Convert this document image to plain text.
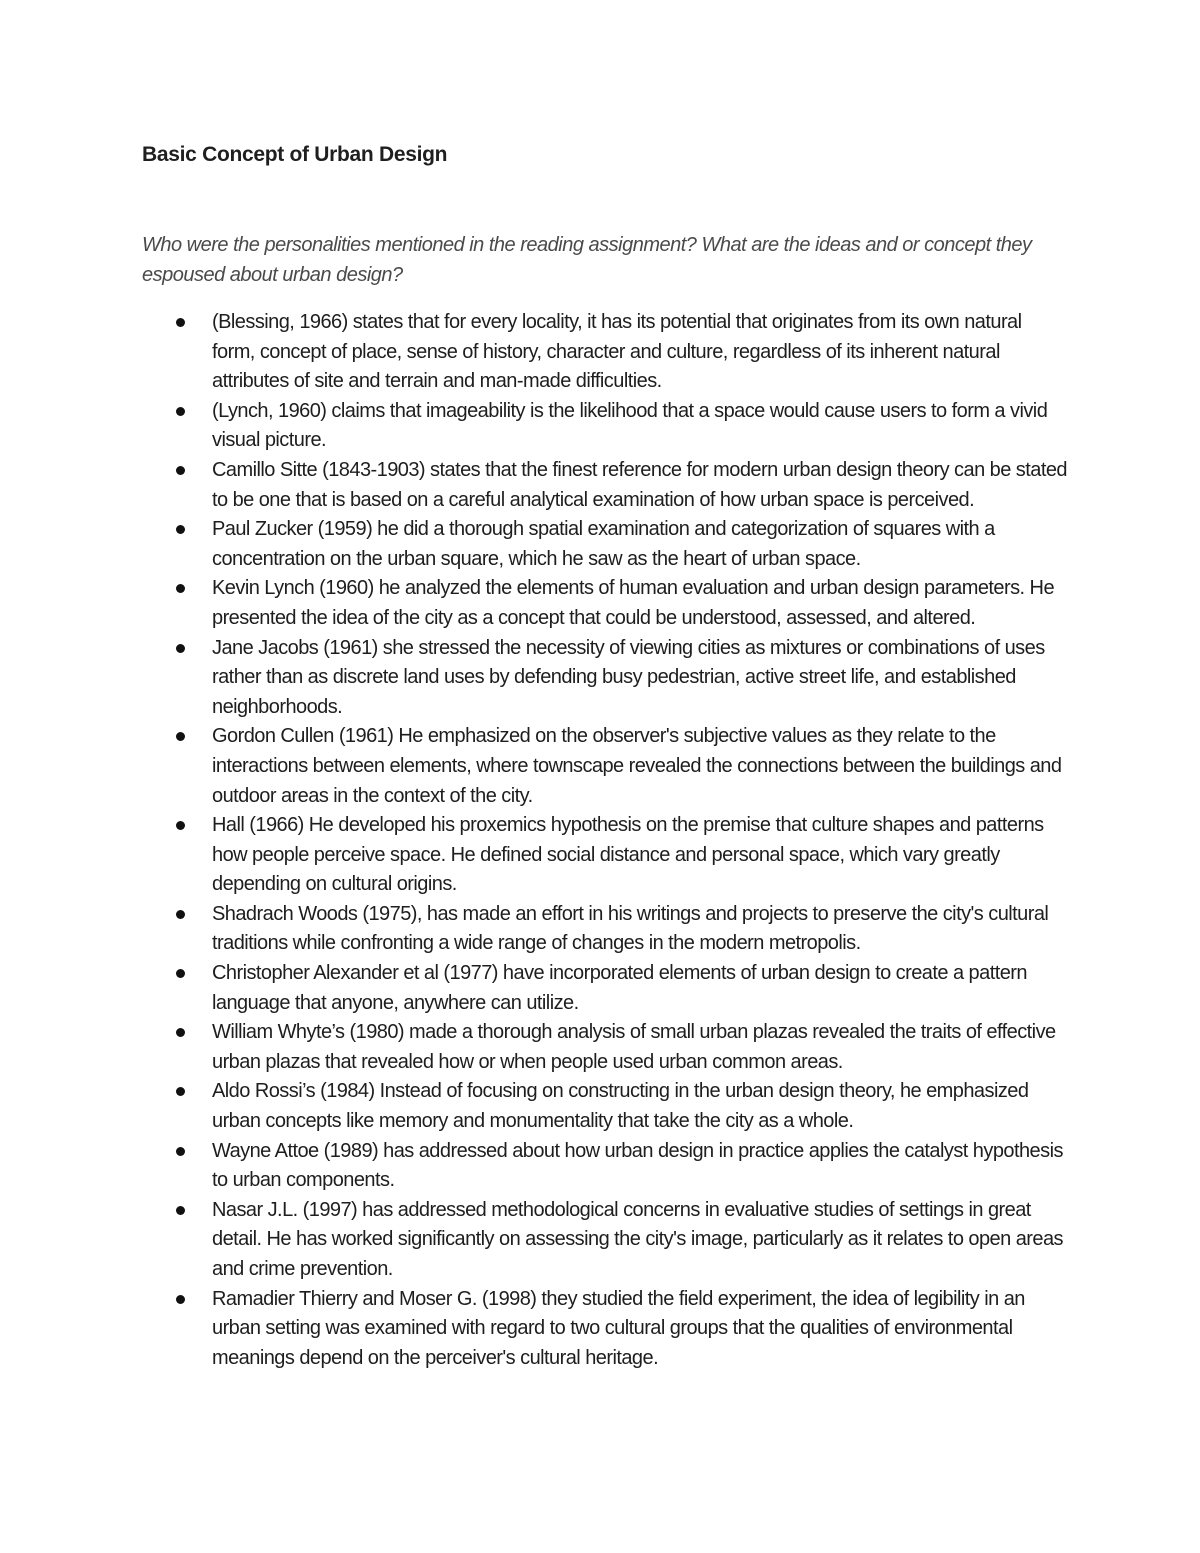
Basic Concept of Urban Design

Who were the personalities mentioned in the reading assignment? What are the ideas and or concept they espoused about urban design?

(Blessing, 1966) states that for every locality, it has its potential that originates from its own natural form, concept of place, sense of history, character and culture, regardless of its inherent natural attributes of site and terrain and man-made difficulties.
(Lynch, 1960) claims that imageability is the likelihood that a space would cause users to form a vivid visual picture.
Camillo Sitte (1843-1903) states that the finest reference for modern urban design theory can be stated to be one that is based on a careful analytical examination of how urban space is perceived.
Paul Zucker (1959) he did a thorough spatial examination and categorization of squares with a concentration on the urban square, which he saw as the heart of urban space.
Kevin Lynch (1960) he analyzed the elements of human evaluation and urban design parameters. He presented the idea of the city as a concept that could be understood, assessed, and altered.
Jane Jacobs (1961) she stressed the necessity of viewing cities as mixtures or combinations of uses rather than as discrete land uses by defending busy pedestrian, active street life, and established neighborhoods.
Gordon Cullen (1961) He emphasized on the observer's subjective values as they relate to the interactions between elements, where townscape revealed the connections between the buildings and outdoor areas in the context of the city.
Hall (1966) He developed his proxemics hypothesis on the premise that culture shapes and patterns how people perceive space. He defined social distance and personal space, which vary greatly depending on cultural origins.
Shadrach Woods (1975), has made an effort in his writings and projects to preserve the city's cultural traditions while confronting a wide range of changes in the modern metropolis.
Christopher Alexander et al (1977) have incorporated elements of urban design to create a pattern language that anyone, anywhere can utilize.
William Whyte’s (1980) made a thorough analysis of small urban plazas revealed the traits of effective urban plazas that revealed how or when people used urban common areas.
Aldo Rossi’s (1984) Instead of focusing on constructing in the urban design theory, he emphasized urban concepts like memory and monumentality that take the city as a whole.
Wayne Attoe (1989) has addressed about how urban design in practice applies the catalyst hypothesis to urban components.
Nasar J.L. (1997) has addressed methodological concerns in evaluative studies of settings in great detail. He has worked significantly on assessing the city's image, particularly as it relates to open areas and crime prevention.
Ramadier Thierry and Moser G. (1998) they studied the field experiment, the idea of legibility in an urban setting was examined with regard to two cultural groups that the qualities of environmental meanings depend on the perceiver's cultural heritage.
